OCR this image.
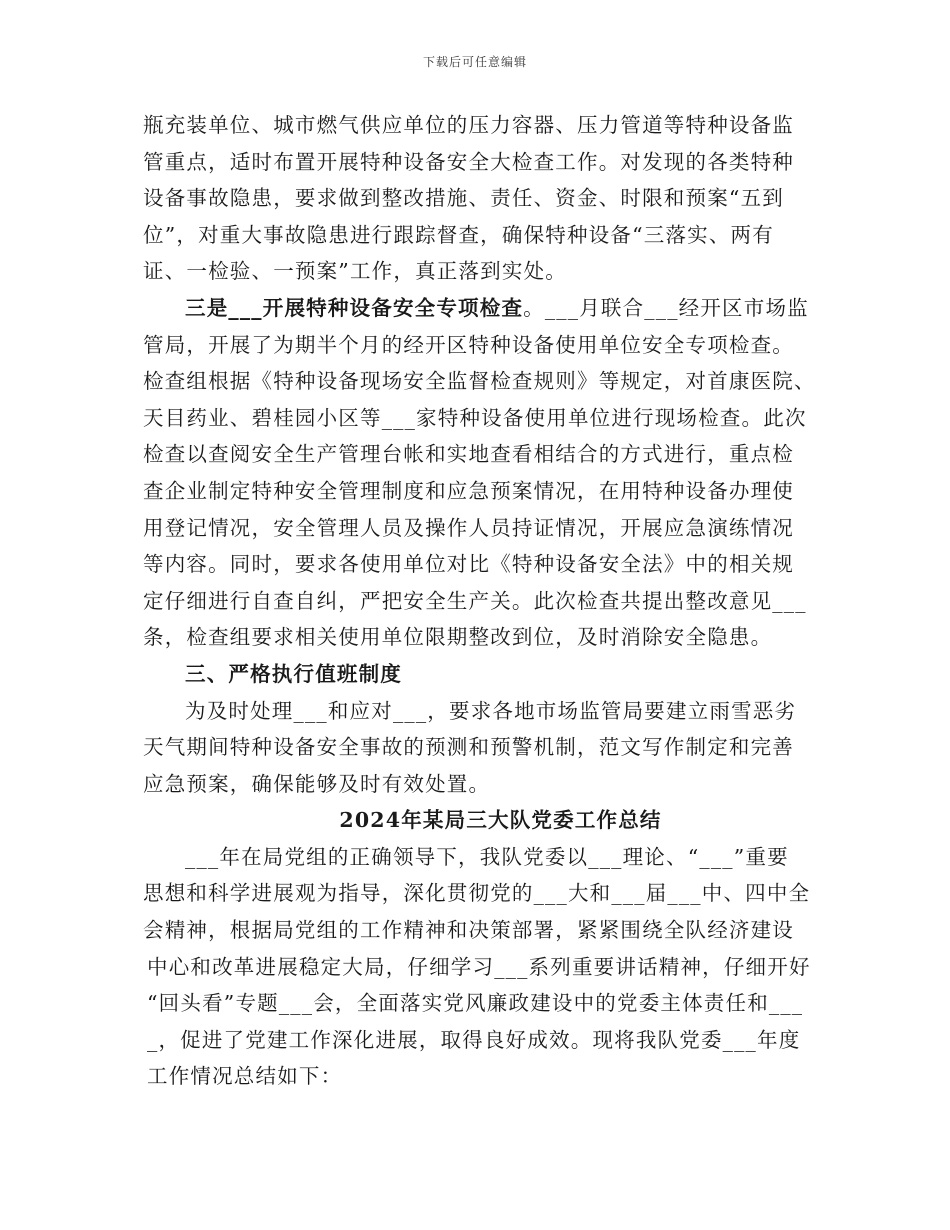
下载后可任意编辑
瓶充装单位、城市燃气供应单位的压力容器、压力管道等特种设备监
管重点，适时布置开展特种设备安全大检查工作。对发现的各类特种
设备事故隐患，要求做到整改措施、责任、资金、时限和预案“五到
位”，对重大事故隐患进行跟踪督查，确保特种设备“三落实、两有
证、一检验、一预案”工作，真正落到实处。
三是___开展特种设备安全专项检查。___月联合___经开区市场监
管局，开展了为期半个月的经开区特种设备使用单位安全专项检查。
检查组根据《特种设备现场安全监督检查规则》等规定，对首康医院、
天目药业、碧桂园小区等___家特种设备使用单位进行现场检查。此次
检查以查阅安全生产管理台帐和实地查看相结合的方式进行，重点检
查企业制定特种安全管理制度和应急预案情况，在用特种设备办理使
用登记情况，安全管理人员及操作人员持证情况，开展应急演练情况
等内容。同时，要求各使用单位对比《特种设备安全法》中的相关规
定仔细进行自查自纠，严把安全生产关。此次检查共提出整改意见___
条，检查组要求相关使用单位限期整改到位，及时消除安全隐患。
三、严格执行值班制度
为及时处理___和应对___，要求各地市场监管局要建立雨雪恶劣
天气期间特种设备安全事故的预测和预警机制，范文写作制定和完善
应急预案，确保能够及时有效处置。
2024年某局三大队党委工作总结
___年在局党组的正确领导下，我队党委以___理论、“___”重要
思想和科学进展观为指导，深化贯彻党的___大和___届___中、四中全
会精神，根据局党组的工作精神和决策部署，紧紧围绕全队经济建设
中心和改革进展稳定大局，仔细学习___系列重要讲话精神，仔细开好
“回头看”专题___会，全面落实党风廉政建设中的党委主体责任和___
_，促进了党建工作深化进展，取得良好成效。现将我队党委___年度
工作情况总结如下：
